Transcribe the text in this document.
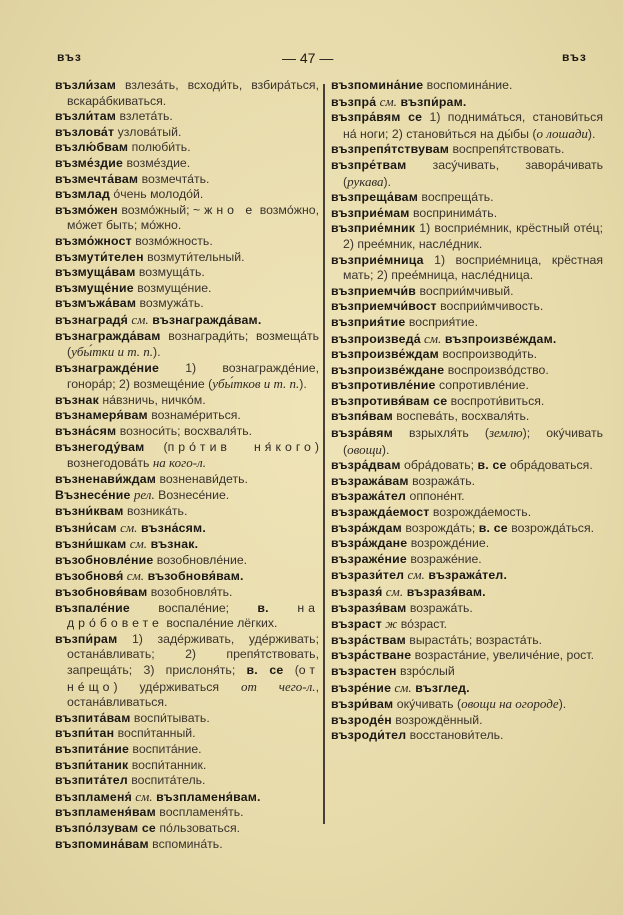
въз	— 47 —	въз

възли́зам взлеза́ть, всходи́ть, взбира́ться, вскара́бкиваться.

възли́там взлета́ть.

възлова́т узлова́тый.

възлю́бвам полюби́ть.

възме́здие возме́здие.

възмечта́вам возмечта́ть.

възмлад о́чень молодо́й.

възмо́жен возмо́жный; ~жно е возмо́жно, мо́жет быть; мо́жно.

възмо́жност возмо́жность.

възмути́телен возмути́тельный.

възмуща́вам возмуща́ть.

възмуще́ние возмуще́ние.

възмъжа́вам возмужа́ть.

възнаградя́ см. възнагражда́вам.

възнагражда́вам вознагради́ть; возмеща́ть (убы́тки и т. п.).

възнагражде́ние 1) вознагражде́ние, гонора́р; 2) возмеще́ние (убы́тков и т. п.).

възнак на́взничь, ничко́м.

възнамеря́вам вознаме́риться.

възна́сям возноси́ть; восхваля́ть.

възнегоду́вам (про́тив ня́кого) вознегодова́ть на кого-л.

възненави́ждам возненави́деть.

Възнесе́ние рел. Вознесе́ние.

възни́квам возника́ть.

възни́сам см. възна́сям.

възни́шкам см. възнак.

възобновле́ние возобновле́ние.

възобновя́ см. възобновя́вам.

възобновя́вам возобновля́ть.

възпале́ние воспале́ние; в. на дро́бовете воспале́ние лёгких.

възпи́рам 1) заде́рживать, уде́рживать; остана́вливать; 2) препя́тствовать, запреща́ть; 3) прислоня́ть; в. се (от не́що) уде́рживаться от чего-л., остана́вливаться.

възпита́вам воспи́тывать.

възпи́тан воспи́танный.

възпита́ние воспита́ние.

възпи́таник воспи́танник.

възпита́тел воспита́тель.

възпламеня́ см. възпламеня́вам.

възпламеня́вам воспламеня́ть.

възпо́лзувам се по́льзоваться.

възпомина́вам вспомина́ть.

възпомина́ние воспомина́ние.

възпра́ см. възпи́рам.

възпра́вям се 1) поднима́ться, станови́ться на́ ноги; 2) станови́ться на ды́бы (о лошади).

възпрепя́тствувам воспрепя́тствовать.

възпре́твам засу́чивать, завора́чивать (рукава).

възпреща́вам воспреща́ть.

възприе́мам воспринима́ть.

възприе́мник 1) восприе́мник, крёстный оте́ц; 2) прее́мник, насле́дник.

възприе́мница 1) восприе́мница, крёстная мать; 2) прее́мница, насле́дница.

възприемчи́в восприи́мчивый.

възприемчи́вост восприи́мчивость.

възприя́тие восприя́тие.

възпроизведа́ см. възпроизве́ждам.

възпроизве́ждам воспроизводи́ть.

възпроизве́ждане воспроизво́дство.

възпротивле́ние сопротивле́ние.

възпротивя́вам се воспроти́виться.

възпя́вам воспева́ть, восхваля́ть.

възра́вям взрыхля́ть (землю); оку́чивать (овощи).

възра́двам обра́довать; в. се обра́доваться.

възража́вам возража́ть.

възража́тел оппоне́нт.

възражда́емост возрожда́емость.

възра́ждам возрожда́ть; в. се возрожда́ться.

възра́ждане возрожде́ние.

възраже́ние возраже́ние.

възрази́тел см. възража́тел.

възразя́ см. възразя́вам.

възразя́вам возража́ть.

възраст ж во́зраст.

възра́ствам выраста́ть; возраста́ть.

възра́стване возраста́ние, увеличе́ние, рост.

възрастен взро́слый

възре́ние см. възглед.

възри́вам оку́чивать (овощи на огороде).

възроде́н возрождённый.

възроди́тел восстанови́тель.
